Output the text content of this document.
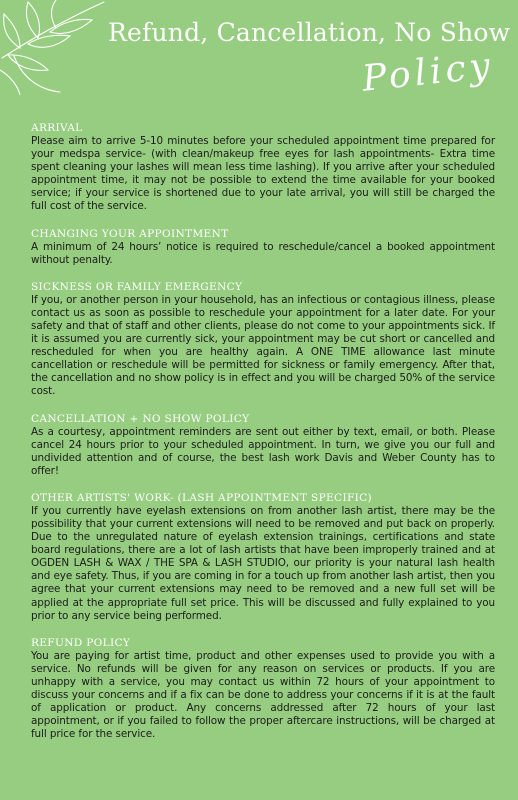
Refund, Cancellation, No Show
Policy
ARRIVAL
Please aim to arrive 5-10 minutes before your scheduled appointment time prepared for your medspa service- (with clean/makeup free eyes for lash appointments- Extra time spent cleaning your lashes will mean less time lashing). If you arrive after your scheduled appointment time, it may not be possible to extend the time available for your booked service; if your service is shortened due to your late arrival, you will still be charged the full cost of the service.
CHANGING YOUR APPOINTMENT
A minimum of 24 hours’ notice is required to reschedule/cancel a booked appointment without penalty.
SICKNESS OR FAMILY EMERGENCY
If you, or another person in your household, has an infectious or contagious illness, please contact us as soon as possible to reschedule your appointment for a later date. For your safety and that of staff and other clients, please do not come to your appointments sick. If it is assumed you are currently sick, your appointment may be cut short or cancelled and rescheduled for when you are healthy again. A ONE TIME allowance last minute cancellation or reschedule will be permitted for sickness or family emergency. After that, the cancellation and no show policy is in effect and you will be charged 50% of the service cost.
CANCELLATION + NO SHOW POLICY
As a courtesy, appointment reminders are sent out either by text, email, or both. Please cancel 24 hours prior to your scheduled appointment. In turn, we give you our full and undivided attention and of course, the best lash work Davis and Weber County has to offer!
OTHER ARTISTS' WORK- (LASH APPOINTMENT SPECIFIC)
If you currently have eyelash extensions on from another lash artist, there may be the possibility that your current extensions will need to be removed and put back on properly. Due to the unregulated nature of eyelash extension trainings, certifications and state board regulations, there are a lot of lash artists that have been improperly trained and at OGDEN LASH & WAX / THE SPA & LASH STUDIO, our priority is your natural lash health and eye safety. Thus, if you are coming in for a touch up from another lash artist, then you agree that your current extensions may need to be removed and a new full set will be applied at the appropriate full set price. This will be discussed and fully explained to you prior to any service being performed.
REFUND POLICY
You are paying for artist time, product and other expenses used to provide you with a service. No refunds will be given for any reason on services or products. If you are unhappy with a service, you may contact us within 72 hours of your appointment to discuss your concerns and if a fix can be done to address your concerns if it is at the fault of application or product. Any concerns addressed after 72 hours of your last appointment, or if you failed to follow the proper aftercare instructions, will be charged at full price for the service.
